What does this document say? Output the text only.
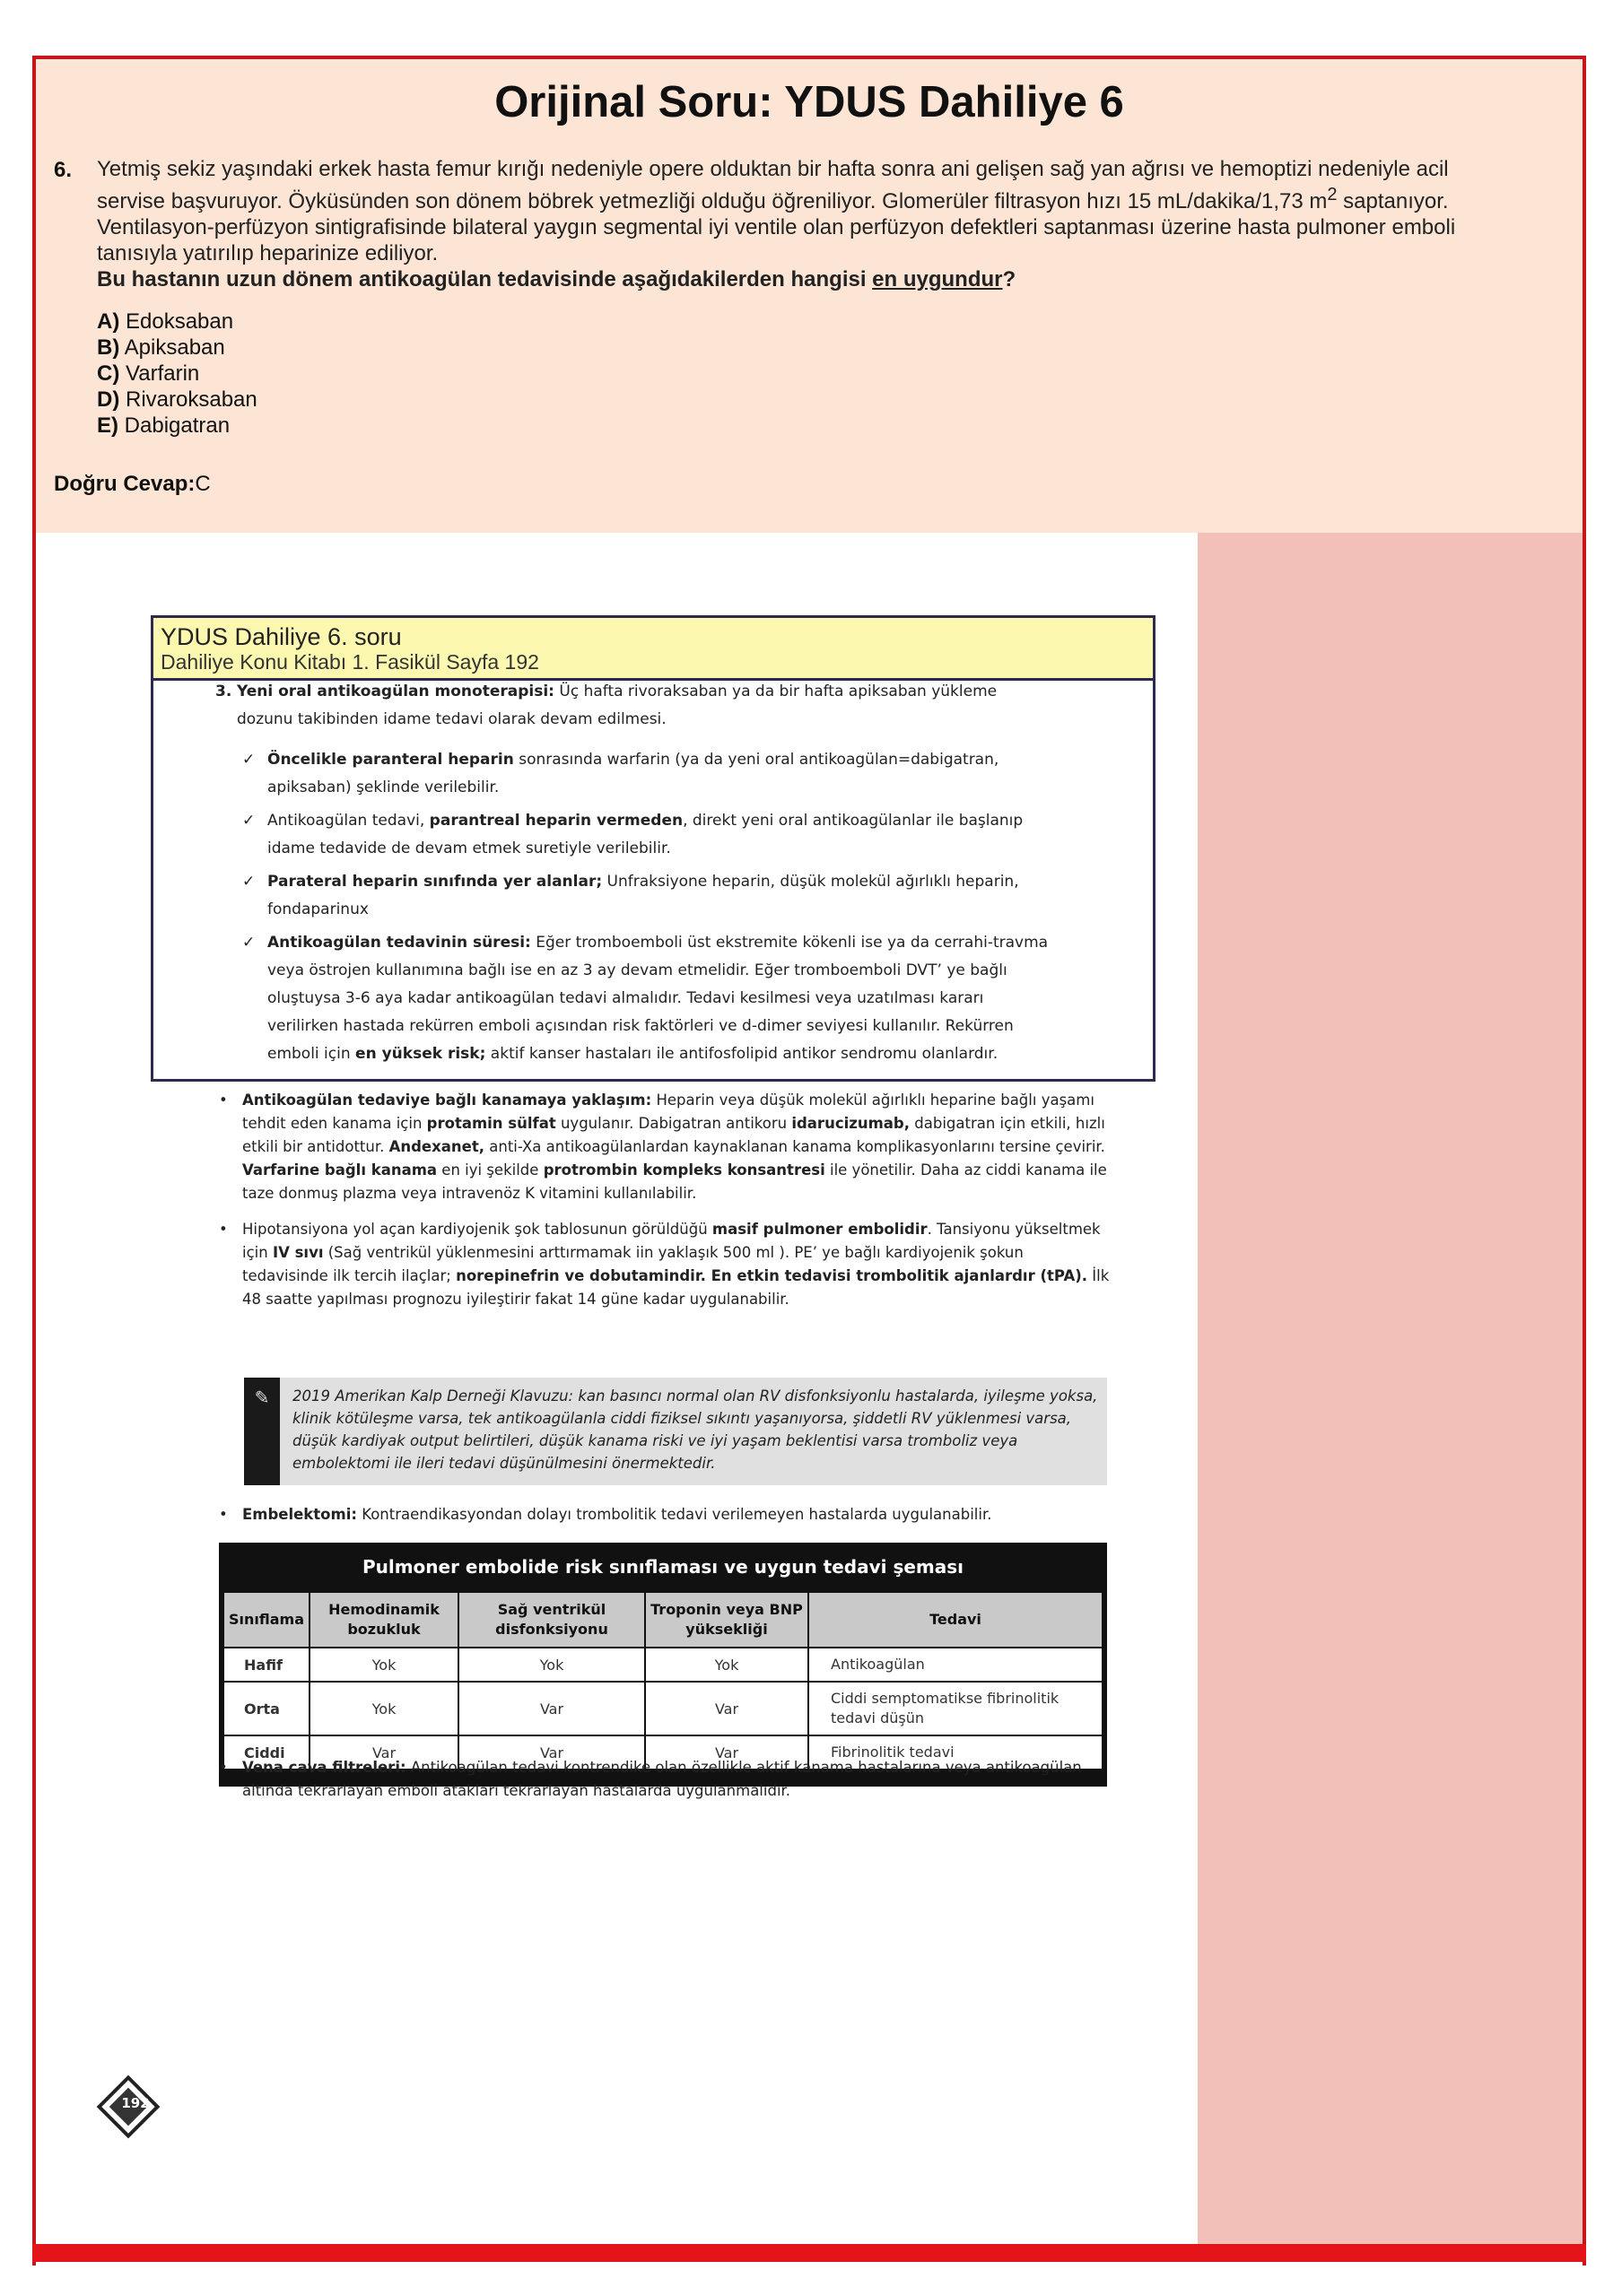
Orijinal Soru: YDUS Dahiliye 6
6. Yetmiş sekiz yaşındaki erkek hasta femur kırığı nedeniyle opere olduktan bir hafta sonra ani gelişen sağ yan ağrısı ve hemoptizi nedeniyle acil servise başvuruyor. Öyküsünden son dönem böbrek yetmezliği olduğu öğreniliyor. Glomerüler filtrasyon hızı 15 mL/dakika/1,73 $m^2$ saptanıyor. Ventilasyon-perfüzyon sintigrafisinde bilateral yaygın segmental iyi ventile olan perfüzyon defektleri saptanması üzerine hasta pulmoner emboli tanısıyla yatırılıp heparinize ediliyor.
Bu hastanın uzun dönem antikoagülan tedavisinde aşağıdakilerden hangisi en uygundur?
A) Edoksaban
B) Apiksaban
C) Varfarin
D) Rivaroksaban
E) Dabigatran
Doğru Cevap:C
YDUS Dahiliye 6. soru
Dahiliye Konu Kitabı 1. Fasikül Sayfa 192
3. Yeni oral antikoagülan monoterapisi: Üç hafta rivoraksaban ya da bir hafta apiksaban yükleme dozunu takibinden idame tedavi olarak devam edilmesi.
✓ Öncelikle paranteral heparin sonrasında warfarin (ya da yeni oral antikoagülan=dabigatran, apiksaban) şeklinde verilebilir.
✓ Antikoagülan tedavi, parantreal heparin vermeden, direkt yeni oral antikoagülanlar ile başlanıp idame tedavide de devam etmek suretiyle verilebilir.
✓ Parateral heparin sınıfında yer alanlar; Unfraksiyone heparin, düşük molekül ağırlıklı heparin, fondaparinux
✓ Antikoagülan tedavinin süresi: Eğer tromboemboli üst ekstremite kökenli ise ya da cerrahi-travma veya östrojen kullanımına bağlı ise en az 3 ay devam etmelidir. Eğer tromboemboli DVT’ ye bağlı oluştuysa 3-6 aya kadar antikoagülan tedavi almalıdır. Tedavi kesilmesi veya uzatılması kararı verilirken hastada rekürren emboli açısından risk faktörleri ve d-dimer seviyesi kullanılır. Rekürren emboli için en yüksek risk; aktif kanser hastaları ile antifosfolipid antikor sendromu olanlardır.
• Antikoagülan tedaviye bağlı kanamaya yaklaşım: Heparin veya düşük molekül ağırlıklı heparine bağlı yaşamı tehdit eden kanama için protamin sülfat uygulanır. Dabigatran antikoru idarucizumab, dabigatran için etkili, hızlı etkili bir antidottur. Andexanet, anti-Xa antikoagülanlardan kaynaklanan kanama komplikasyonlarını tersine çevirir. Varfarine bağlı kanama en iyi şekilde protrombin kompleks konsantresi ile yönetilir. Daha az ciddi kanama ile taze donmuş plazma veya intravenöz K vitamini kullanılabilir.
• Hipotansiyona yol açan kardiyojenik şok tablosunun görüldüğü masif pulmoner embolidir. Tansiyonu yükseltmek için IV sıvı (Sağ ventrikül yüklenmesini arttırmamak iin yaklaşık 500 ml ). PE’ ye bağlı kardiyojenik şokun tedavisinde ilk tercih ilaçlar; norepinefrin ve dobutamindir. En etkin tedavisi trombolitik ajanlardır (tPA). İlk 48 saatte yapılması prognozu iyileştirir fakat 14 güne kadar uygulanabilir.
✎ 2019 Amerikan Kalp Derneği Klavuzu: kan basıncı normal olan RV disfonksiyonlu hastalarda, iyileşme yoksa, klinik kötüleşme varsa, tek antikoagülanla ciddi fiziksel sıkıntı yaşanıyorsa, şiddetli RV yüklenmesi varsa, düşük kardiyak output belirtileri, düşük kanama riski ve iyi yaşam beklentisi varsa tromboliz veya embolektomi ile ileri tedavi düşünülmesini önermektedir.
• Embelektomi: Kontraendikasyondan dolayı trombolitik tedavi verilemeyen hastalarda uygulanabilir.
Pulmoner embolide risk sınıflaması ve uygun tedavi şeması
Sınıflama	Hemodinamik bozukluk	Sağ ventrikül disfonksiyonu	Troponin veya BNP yüksekliği	Tedavi
Hafif	Yok	Yok	Yok	Antikoagülan
Orta	Yok	Var	Var	Ciddi semptomatikse fibrinolitik tedavi düşün
Ciddi	Var	Var	Var	Fibrinolitik tedavi
• Vena cava filtreleri: Antikoagülan tedavi kontrendike olan özellikle aktif kanama hastalarına veya antikoagülan altında tekrarlayan emboli atakları tekrarlayan hastalarda uygulanmalıdır.
192
